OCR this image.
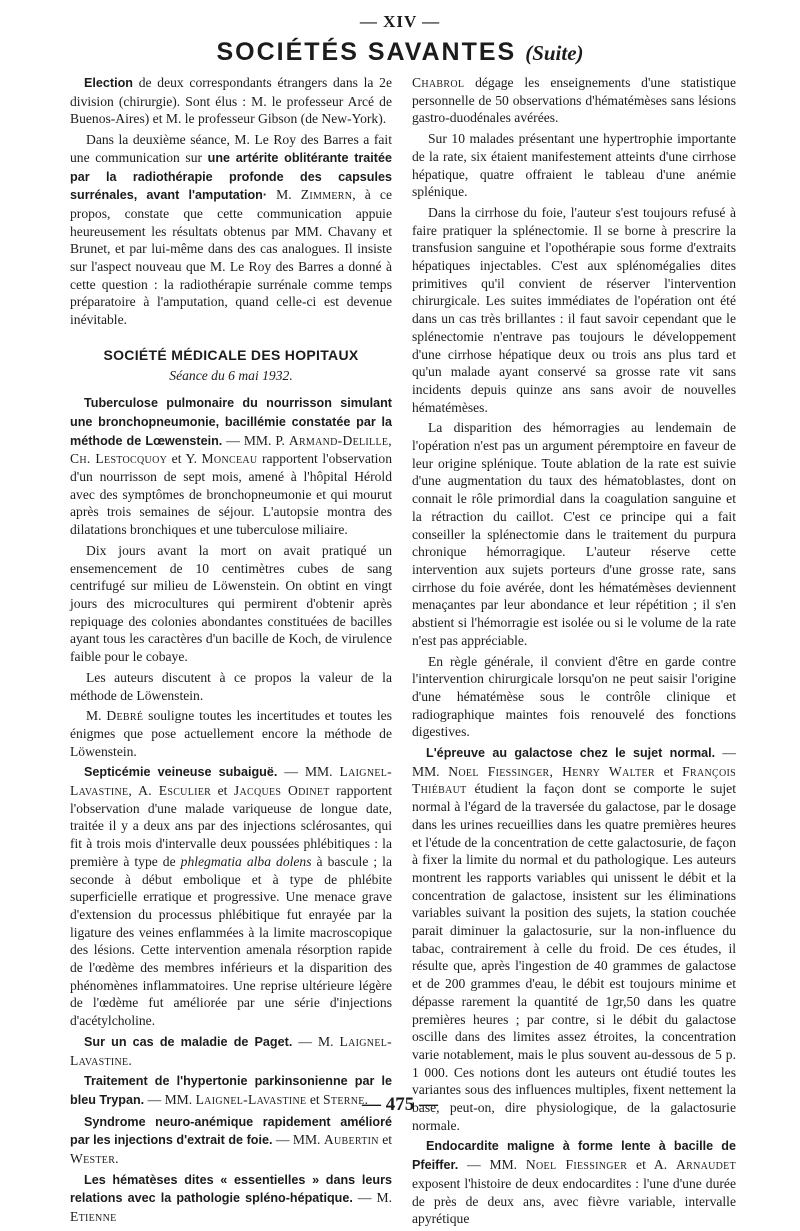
— XIV —
SOCIÉTÉS SAVANTES (Suite)

Election de deux correspondants étrangers dans la 2e division (chirurgie). Sont élus : M. le professeur Arcé de Buenos-Aires) et M. le professeur Gibson (de New-York).

Dans la deuxième séance, M. Le Roy des Barres a fait une communication sur une artérite oblitérante traitée par la radiothérapie profonde des capsules surrénales, avant l'amputation· M. Zimmern, à ce propos, constate que cette communication appuie heureusement les résultats obtenus par MM. Chavany et Brunet, et par lui-même dans des cas analogues. Il insiste sur l'aspect nouveau que M. Le Roy des Barres a donné à cette question : la radiothérapie surrénale comme temps préparatoire à l'amputation, quand celle-ci est devenue inévitable.

SOCIÉTÉ MÉDICALE DES HOPITAUX
Séance du 6 mai 1932.

Tuberculose pulmonaire du nourrisson simulant une bronchopneumonie, bacillémie constatée par la méthode de Lœwenstein. — MM. P. Armand-Delille, Ch. Lestocquoy et Y. Monceau rapportent l'observation d'un nourrisson de sept mois, amené à l'hôpital Hérold avec des symptômes de bronchopneumonie et qui mourut après trois semaines de séjour. L'autopsie montra des dilatations bronchiques et une tuberculose miliaire.

Dix jours avant la mort on avait pratiqué un ensemencement de 10 centimètres cubes de sang centrifugé sur milieu de Löwenstein. On obtint en vingt jours des microcultures qui permirent d'obtenir après repiquage des colonies abondantes constituées de bacilles ayant tous les caractères d'un bacille de Koch, de virulence faible pour le cobaye.

Les auteurs discutent à ce propos la valeur de la méthode de Löwenstein.

M. Debré souligne toutes les incertitudes et toutes les énigmes que pose actuellement encore la méthode de Löwenstein.

Septicémie veineuse subaiguë. — MM. Laignel-Lavastine, A. Esculier et Jacques Odinet rapportent l'observation d'une malade variqueuse de longue date, traitée il y a deux ans par des injections sclérosantes, qui fit à trois mois d'intervalle deux poussées phlébitiques : la première à type de phlegmatia alba dolens à bascule ; la seconde à début embolique et à type de phlébite superficielle erratique et progressive. Une menace grave d'extension du processus phlébitique fut enrayée par la ligature des veines enflammées à la limite macroscopique des lésions. Cette intervention amenala résorption rapide de l'œdème des membres inférieurs et la disparition des phénomènes inflammatoires. Une reprise ultérieure légère de l'œdème fut améliorée par une série d'injections d'acétylcholine.

Sur un cas de maladie de Paget. — M. Laignel-Lavastine.

Traitement de l'hypertonie parkinsonienne par le bleu Trypan. — MM. Laignel-Lavastine et Sterne.

Syndrome neuro-anémique rapidement amélioré par les injections d'extrait de foie. — MM. Aubertin et Wester.

Les hématèses dites « essentielles » dans leurs relations avec la pathologie spléno-hépatique. — M. Etienne

Chabrol dégage les enseignements d'une statistique personnelle de 50 observations d'hématémèses sans lésions gastro-duodénales avérées.

Sur 10 malades présentant une hypertrophie importante de la rate, six étaient manifestement atteints d'une cirrhose hépatique, quatre offraient le tableau d'une anémie splénique.

Dans la cirrhose du foie, l'auteur s'est toujours refusé à faire pratiquer la splénectomie. Il se borne à prescrire la transfusion sanguine et l'opothérapie sous forme d'extraits hépatiques injectables. C'est aux splénomégalies dites primitives qu'il convient de réserver l'intervention chirurgicale. Les suites immédiates de l'opération ont été dans un cas très brillantes : il faut savoir cependant que le splénectomie n'entrave pas toujours le développement d'une cirrhose hépatique deux ou trois ans plus tard et qu'un malade ayant conservé sa grosse rate vit sans incidents depuis quinze ans sans avoir de nouvelles hématémèses.

La disparition des hémorragies au lendemain de l'opération n'est pas un argument péremptoire en faveur de leur origine splénique. Toute ablation de la rate est suivie d'une augmentation du taux des hématoblastes, dont on connait le rôle primordial dans la coagulation sanguine et la rétraction du caillot. C'est ce principe qui a fait conseiller la splénectomie dans le traitement du purpura chronique hémorragique. L'auteur réserve cette intervention aux sujets porteurs d'une grosse rate, sans cirrhose du foie avérée, dont les hématémèses deviennent menaçantes par leur abondance et leur répétition ; il s'en abstient si l'hémorragie est isolée ou si le volume de la rate n'est pas appréciable.

En règle générale, il convient d'être en garde contre l'intervention chirurgicale lorsqu'on ne peut saisir l'origine d'une hématémèse sous le contrôle clinique et radiographique maintes fois renouvelé des fonctions digestives.

L'épreuve au galactose chez le sujet normal. — MM. Noel Fiessinger, Henry Walter et François Thiébaut étudient la façon dont se comporte le sujet normal à l'égard de la traversée du galactose, par le dosage dans les urines recueillies dans les quatre premières heures et l'étude de la concentration de cette galactosurie, de façon à fixer la limite du normal et du pathologique. Les auteurs montrent les rapports variables qui unissent le débit et la concentration de galactose, insistent sur les éliminations variables suivant la position des sujets, la station couchée parait diminuer la galactosurie, sur la non-influence du tabac, contrairement à celle du froid. De ces études, il résulte que, après l'ingestion de 40 grammes de galactose et de 200 grammes d'eau, le débit est toujours minime et dépasse rarement la quantité de 1gr,50 dans les quatre premières heures ; par contre, si le débit du galactose oscille dans des limites assez étroites, la concentration varie notablement, mais le plus souvent au-dessous de 5 p. 1 000. Ces notions dont les auteurs ont étudié toutes les variantes sous des influences multiples, fixent nettement la base, peut-on, dire physiologique, de la galactosurie normale.

Endocardite maligne à forme lente à bacille de Pfeiffer. — MM. Noel Fiessinger et A. Arnaudet exposent l'histoire de deux endocardites : l'une d'une durée de près de deux ans, avec fièvre variable, intervalle apyrétique

— 475 —
